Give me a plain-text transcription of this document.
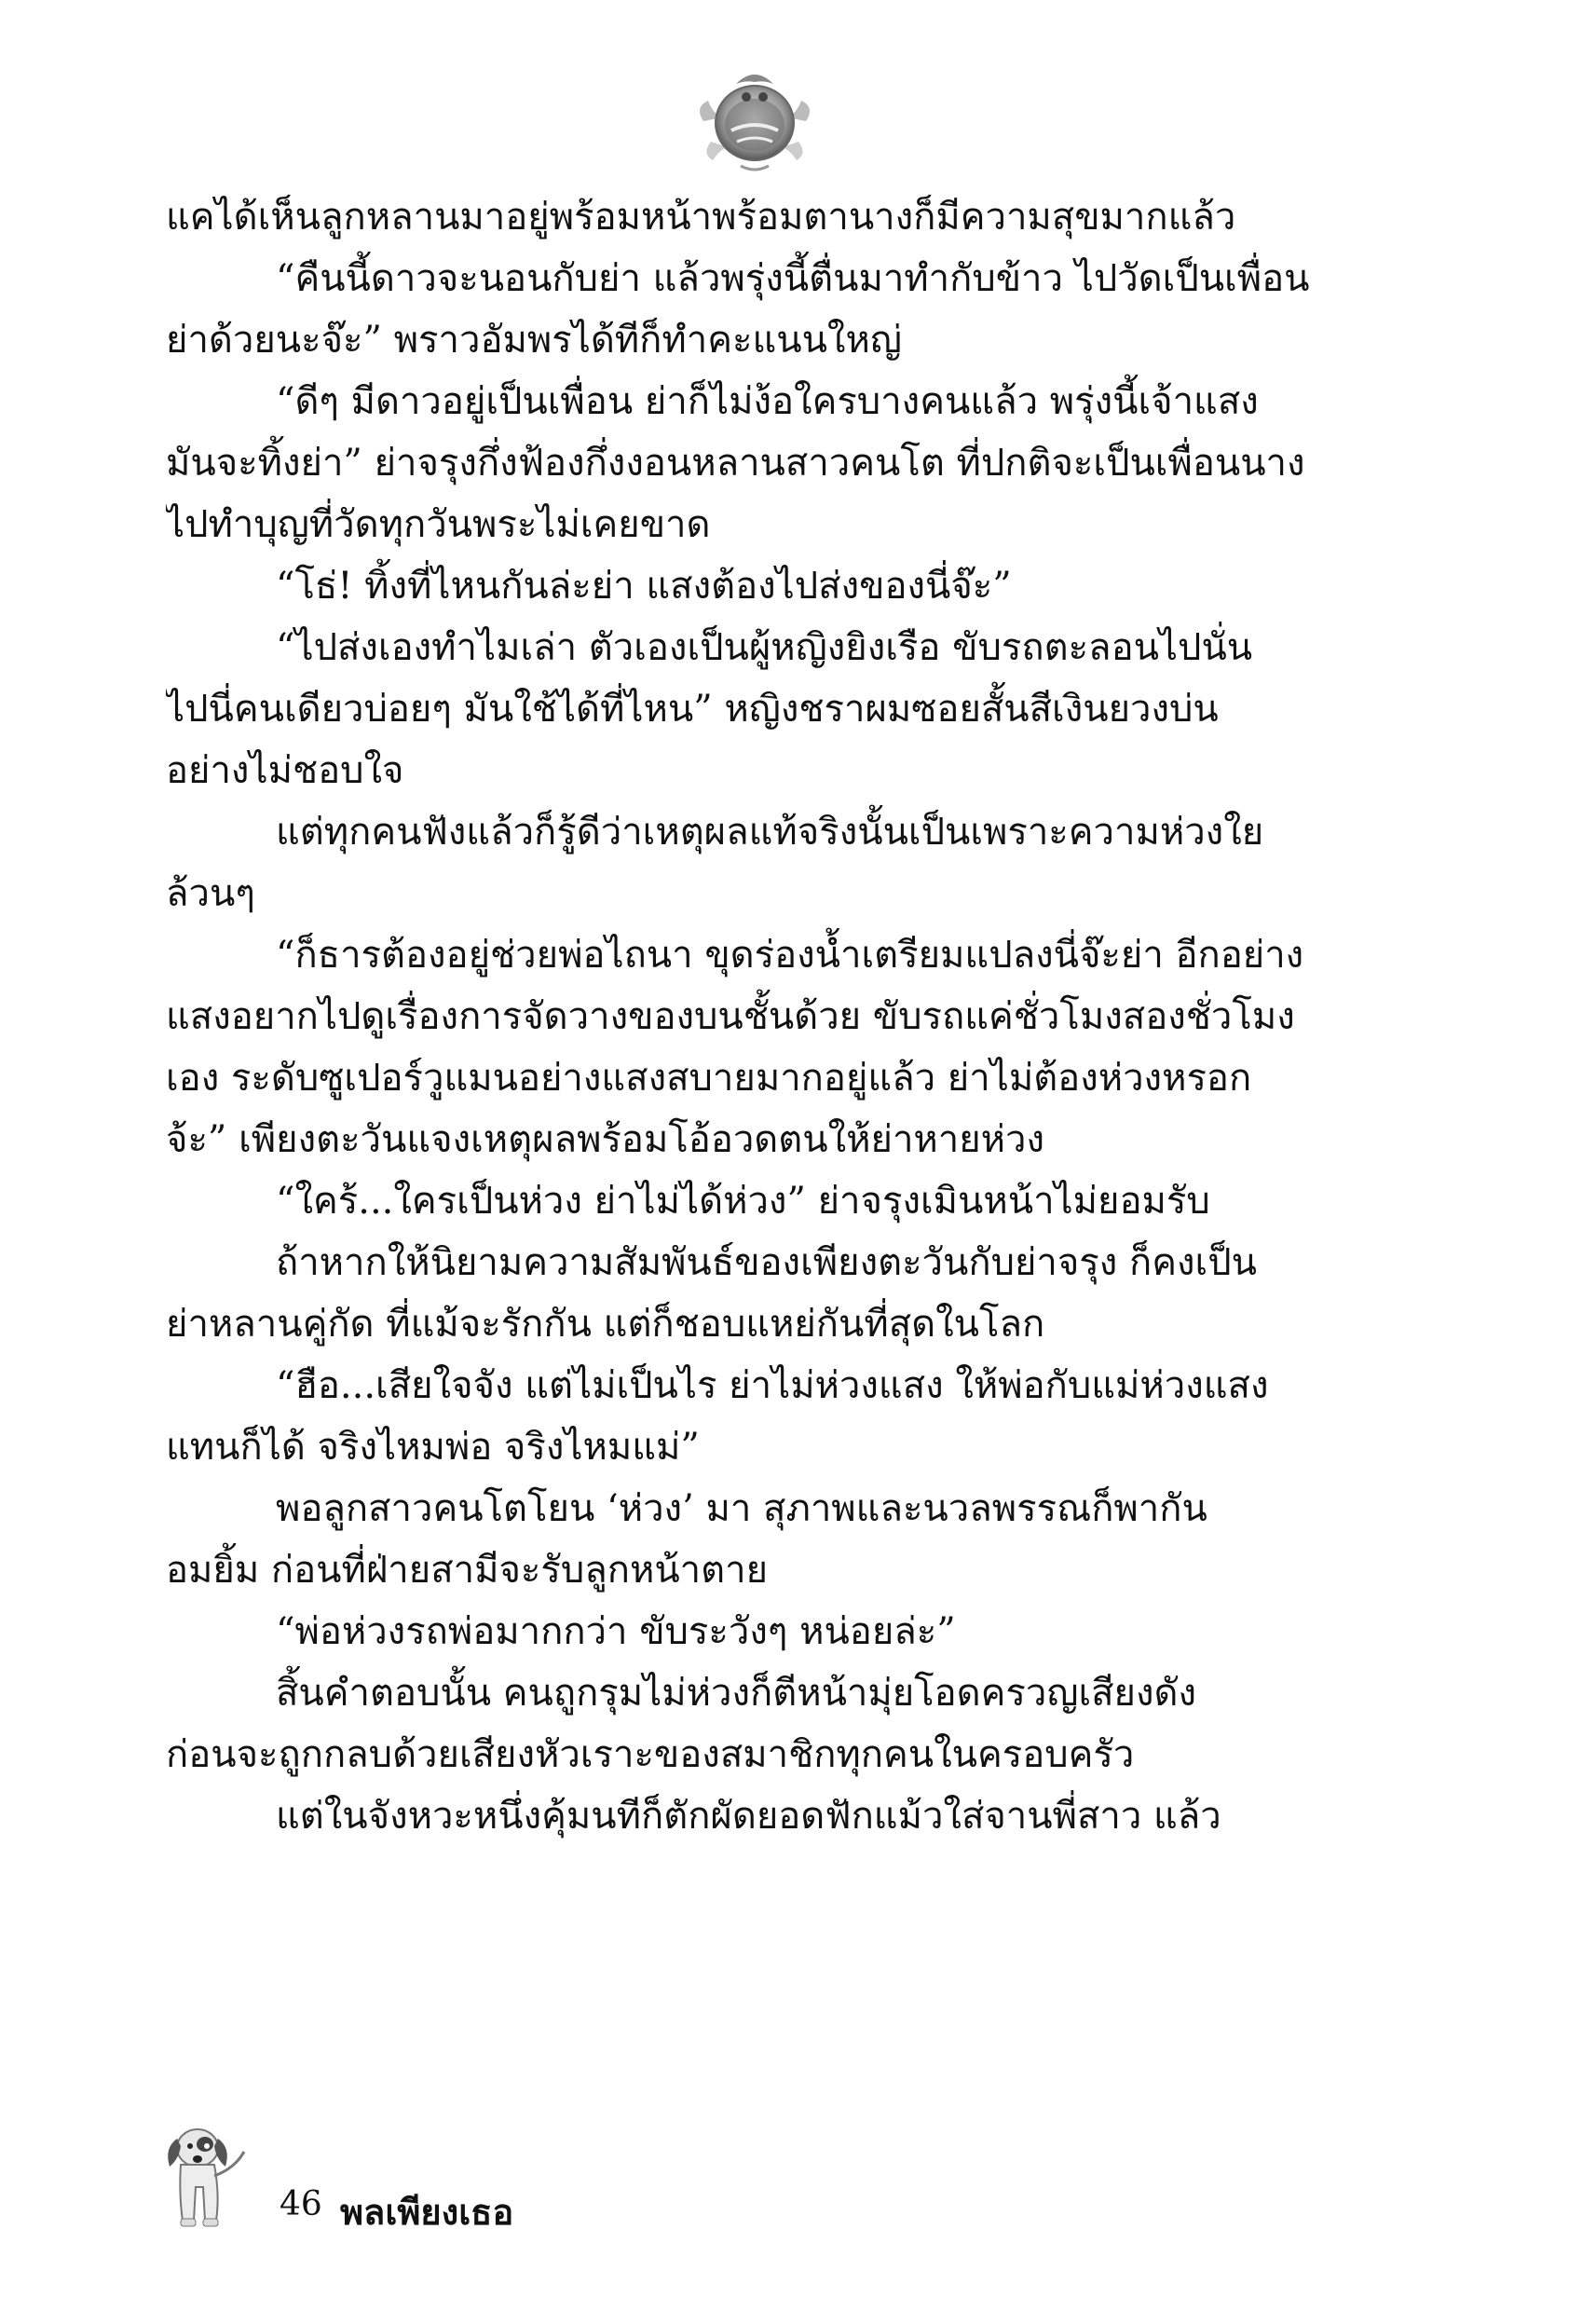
แคได้เห็นลูกหลานมาอยู่พร้อมหน้าพร้อมตานางก็มีความสุขมากแล้ว
“คืนนี้ดาวจะนอนกับย่า แล้วพรุ่งนี้ตื่นมาทำกับข้าว ไปวัดเป็นเพื่อน
ย่าด้วยนะจ๊ะ” พราวอัมพรได้ทีก็ทำคะแนนใหญ่
“ดีๆ มีดาวอยู่เป็นเพื่อน ย่าก็ไม่ง้อใครบางคนแล้ว พรุ่งนี้เจ้าแสง
มันจะทิ้งย่า” ย่าจรุงกึ่งฟ้องกึ่งงอนหลานสาวคนโต ที่ปกติจะเป็นเพื่อนนาง
ไปทำบุญที่วัดทุกวันพระไม่เคยขาด
“โธ่! ทิ้งที่ไหนกันล่ะย่า แสงต้องไปส่งของนี่จ๊ะ”
“ไปส่งเองทำไมเล่า ตัวเองเป็นผู้หญิงยิงเรือ ขับรถตะลอนไปนั่น
ไปนี่คนเดียวบ่อยๆ มันใช้ได้ที่ไหน” หญิงชราผมซอยสั้นสีเงินยวงบ่น
อย่างไม่ชอบใจ
แต่ทุกคนฟังแล้วก็รู้ดีว่าเหตุผลแท้จริงนั้นเป็นเพราะความห่วงใย
ล้วนๆ
“ก็ธารต้องอยู่ช่วยพ่อไถนา ขุดร่องน้ำเตรียมแปลงนี่จ๊ะย่า อีกอย่าง
แสงอยากไปดูเรื่องการจัดวางของบนชั้นด้วย ขับรถแค่ชั่วโมงสองชั่วโมง
เอง ระดับซูเปอร์วูแมนอย่างแสงสบายมากอยู่แล้ว ย่าไม่ต้องห่วงหรอก
จ้ะ” เพียงตะวันแจงเหตุผลพร้อมโอ้อวดตนให้ย่าหายห่วง
“ใคร้...ใครเป็นห่วง ย่าไม่ได้ห่วง” ย่าจรุงเมินหน้าไม่ยอมรับ
ถ้าหากให้นิยามความสัมพันธ์ของเพียงตะวันกับย่าจรุง ก็คงเป็น
ย่าหลานคู่กัด ที่แม้จะรักกัน แต่ก็ชอบแหย่กันที่สุดในโลก
“ฮือ...เสียใจจัง แต่ไม่เป็นไร ย่าไม่ห่วงแสง ให้พ่อกับแม่ห่วงแสง
แทนก็ได้ จริงไหมพ่อ จริงไหมแม่”
พอลูกสาวคนโตโยน ‘ห่วง’ มา สุภาพและนวลพรรณก็พากัน
อมยิ้ม ก่อนที่ฝ่ายสามีจะรับลูกหน้าตาย
“พ่อห่วงรถพ่อมากกว่า ขับระวังๆ หน่อยล่ะ”
สิ้นคำตอบนั้น คนถูกรุมไม่ห่วงก็ตีหน้ามุ่ยโอดครวญเสียงดัง
ก่อนจะถูกกลบด้วยเสียงหัวเราะของสมาชิกทุกคนในครอบครัว
แต่ในจังหวะหนึ่งคุ้มนทีก็ตักผัดยอดฟักแม้วใส่จานพี่สาว แล้ว
46 พลเพียงเธอ
